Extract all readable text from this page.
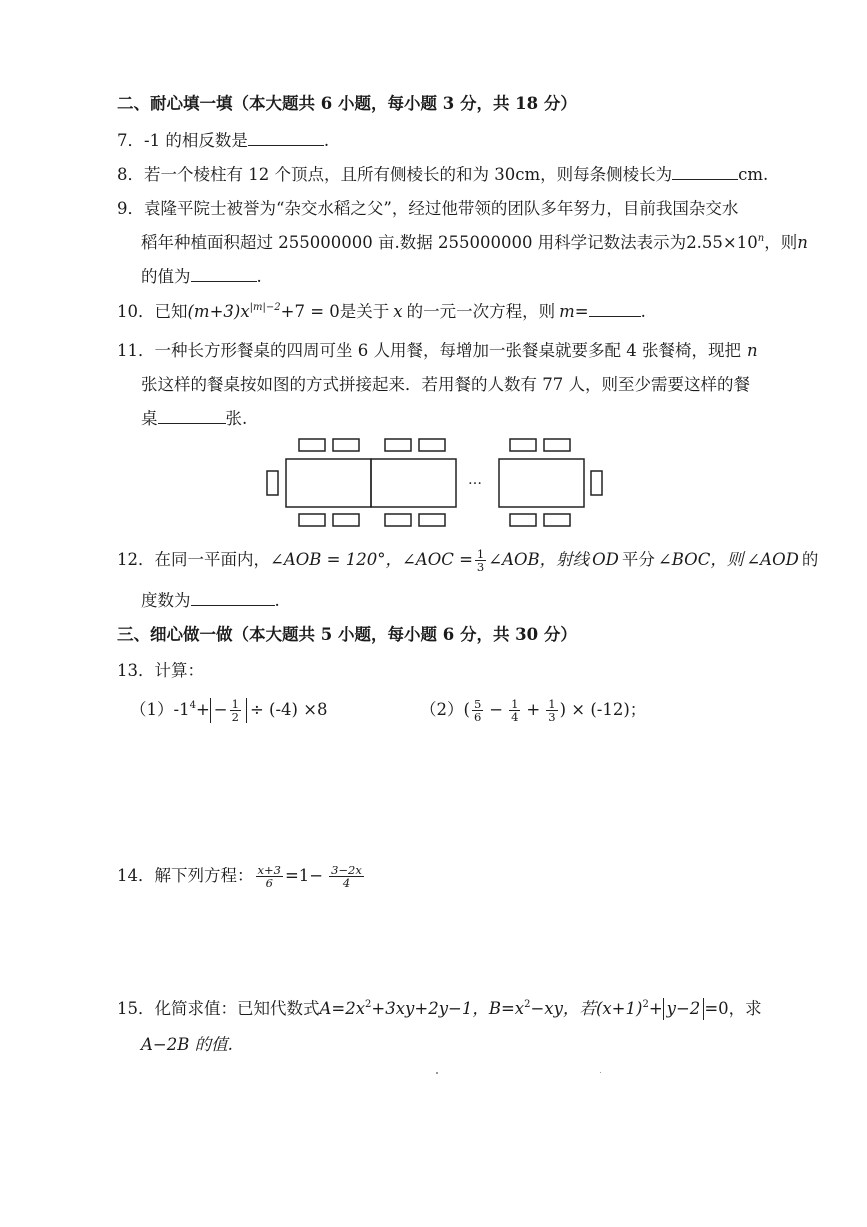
二、耐心填一填（本大题共 6 小题，每小题 3 分，共 18 分）
7．-1 的相反数是	.
8．若一个棱柱有 12 个顶点，且所有侧棱长的和为 30cm，则每条侧棱长为	cm.
9．袁隆平院士被誉为“杂交水稻之父”，经过他带领的团队多年努力，目前我国杂交水
稻年种植面积超过 255000000 亩.数据 255000000 用科学记数法表示为$2.55\times 10^n$，则n
的值为	.
10．已知$(m+3)x^{|m|-2}+7 = 0$是关于 x 的一元一次方程，则 m=	.
11．一种长方形餐桌的四周可坐 6 人用餐，每增加一张餐桌就要多配 4 张餐椅，现把 n
张这样的餐桌按如图的方式拼接起来．若用餐的人数有 77 人，则至少需要这样的餐
桌	张.
…
12．在同一平面内，∠AOB = 120°，∠AOC = $\frac{1}{3}$ ∠AOB，射线 OD 平分 ∠BOC，则 ∠AOD 的
度数为	.
三、细心做一做（本大题共 5 小题，每小题 6 分，共 30 分）
13．计算：
$(1)-1^4+ - \frac{1}{2} \div (-4) \times 8$	$(2)( \frac{5}{6} - \frac{1}{4} + \frac{1}{3}$ ) × (-12)；
14．解下列方程： $\frac{x+3}{6} =1- \frac{3-2x}{4}$
15．化简求值：已知代数式$A=2x^2+3xy+2y-1$，$B=x^2-xy$，若$(x+1)^2+ y-2 =0$，求
A−2B 的值.
